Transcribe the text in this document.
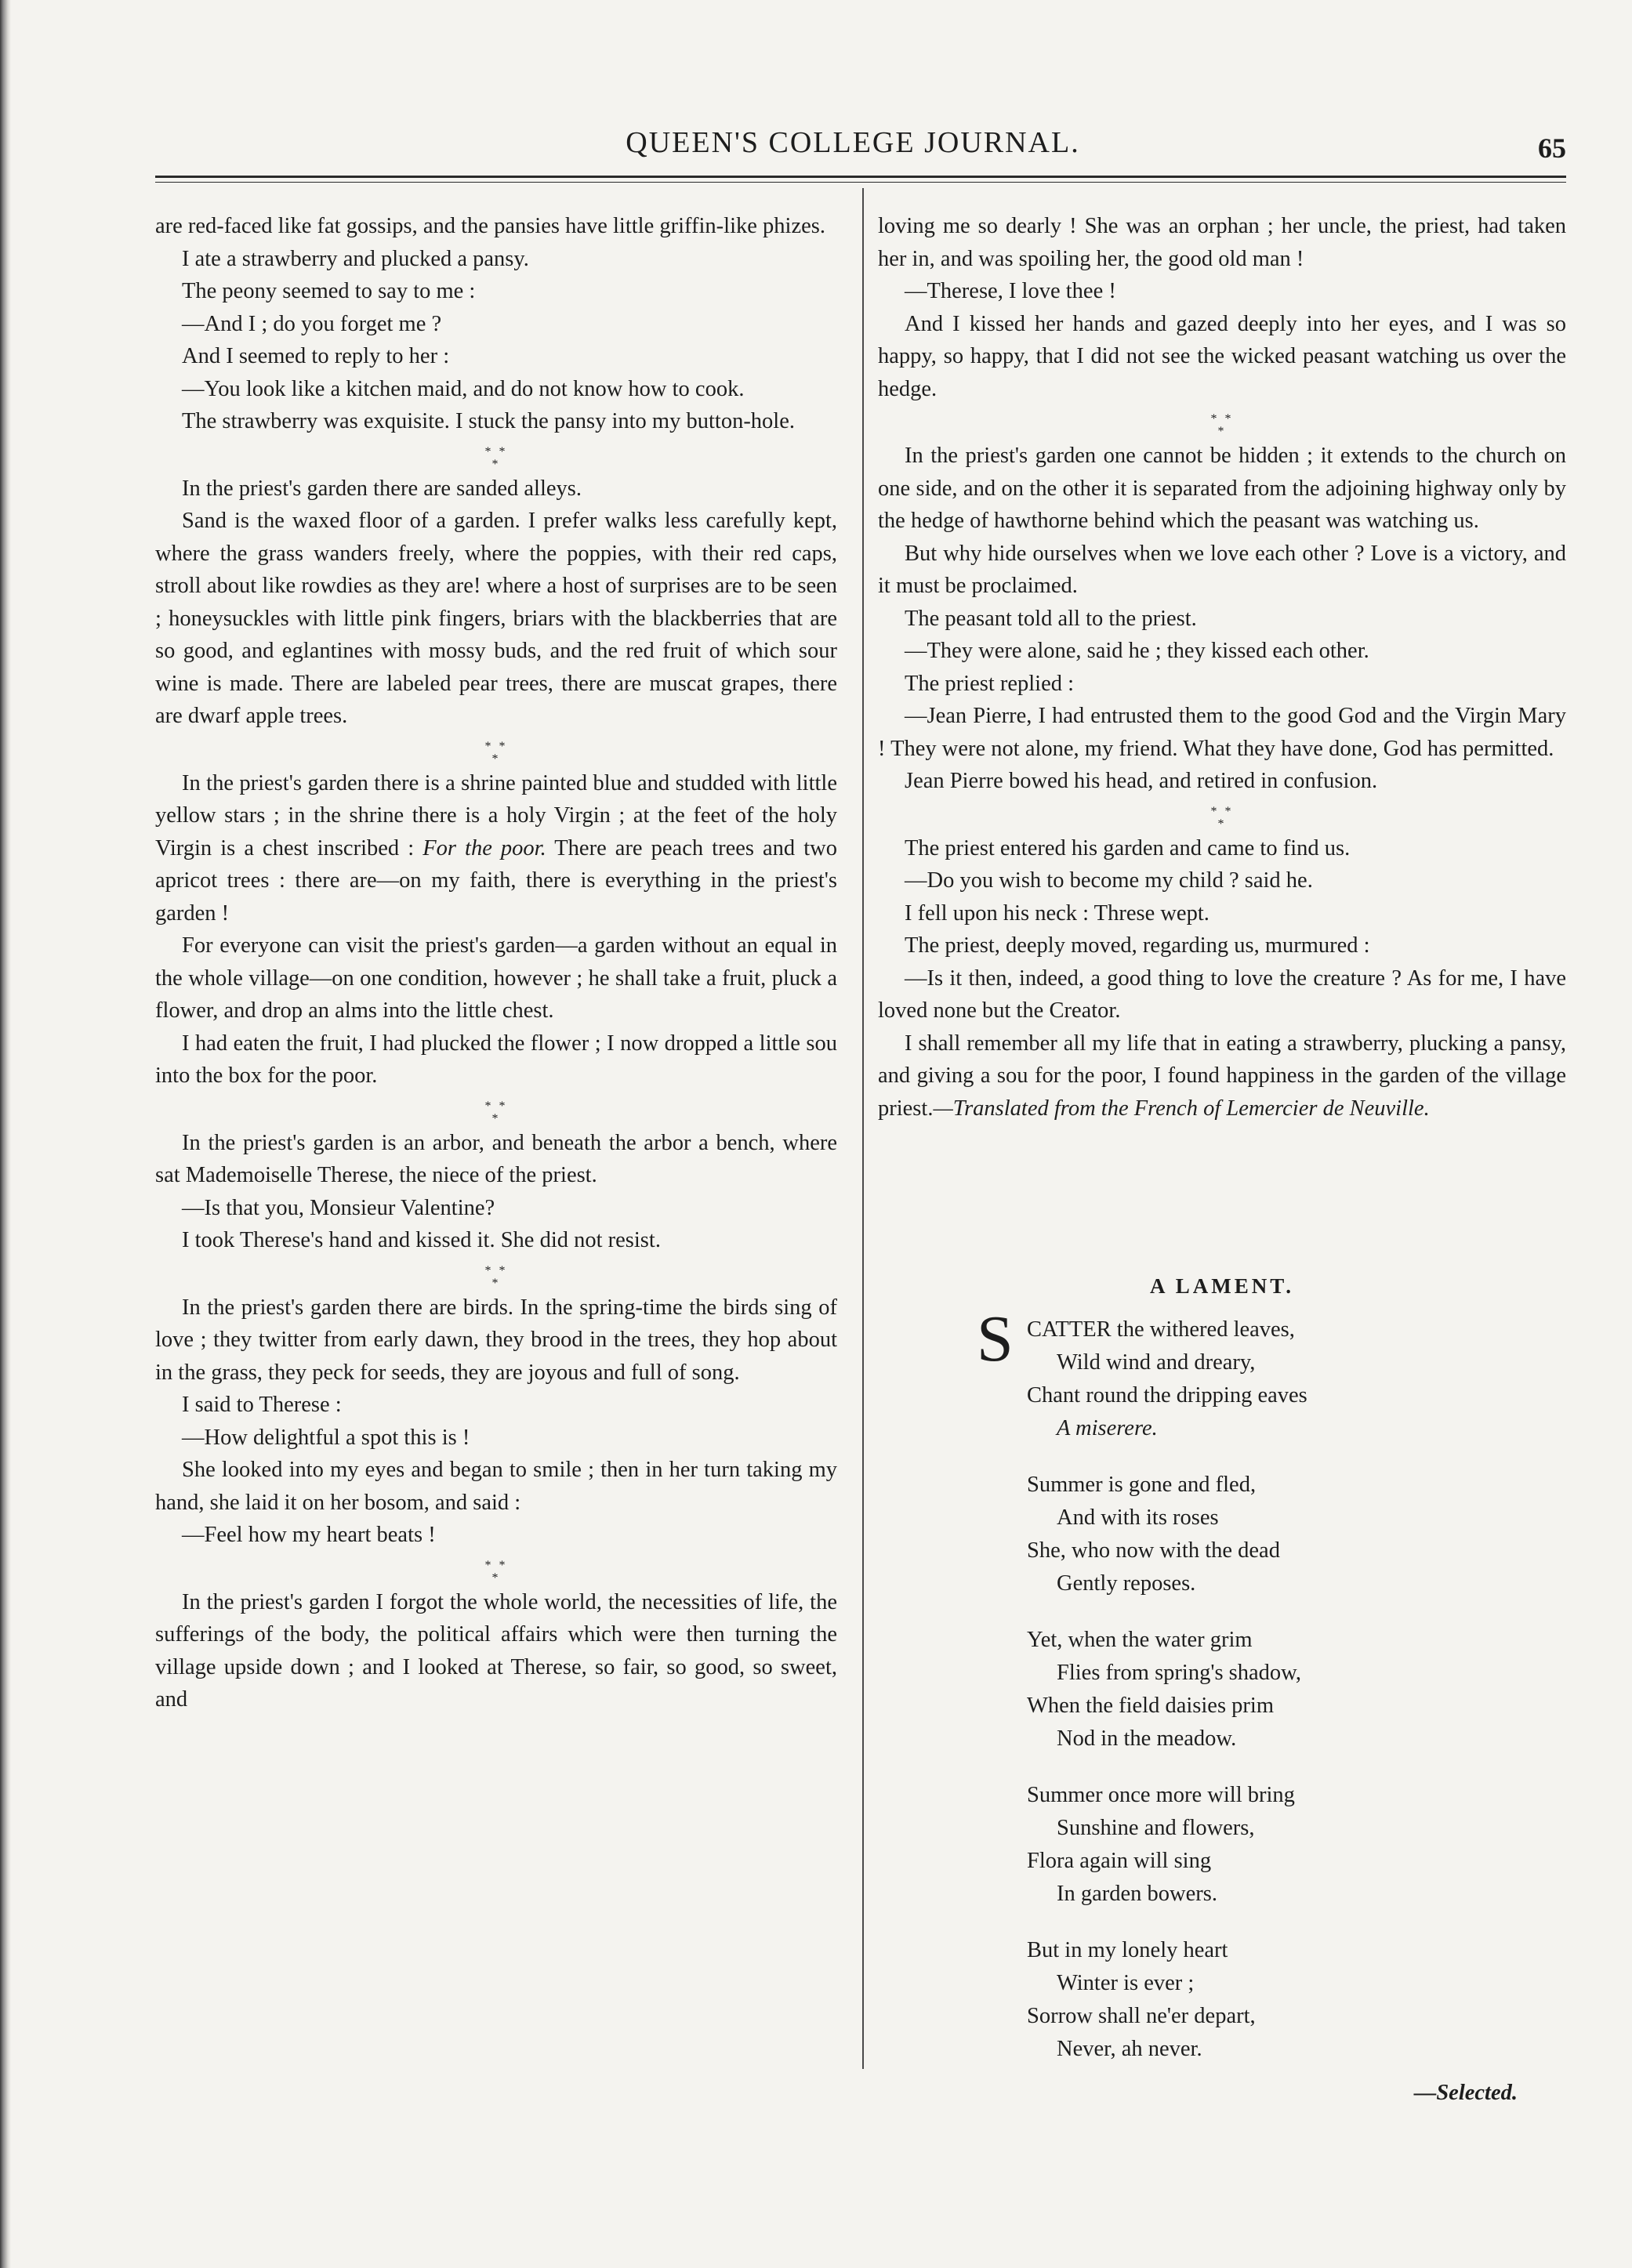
QUEEN'S COLLEGE JOURNAL.	65

are red-faced like fat gossips, and the pansies have little griffin-like phizes.

I ate a strawberry and plucked a pansy.

The peony seemed to say to me :

—And I ; do you forget me ?

And I seemed to reply to her :

—You look like a kitchen maid, and do not know how to cook.

The strawberry was exquisite. I stuck the pansy into my button-hole.

* *
*

In the priest's garden there are sanded alleys.

Sand is the waxed floor of a garden. I prefer walks less carefully kept, where the grass wanders freely, where the poppies, with their red caps, stroll about like rowdies as they are! where a host of surprises are to be seen ; honeysuckles with little pink fingers, briars with the blackberries that are so good, and eglantines with mossy buds, and the red fruit of which sour wine is made. There are labeled pear trees, there are muscat grapes, there are dwarf apple trees.

* *
*

In the priest's garden there is a shrine painted blue and studded with little yellow stars ; in the shrine there is a holy Virgin ; at the feet of the holy Virgin is a chest inscribed : For the poor. There are peach trees and two apricot trees : there are—on my faith, there is everything in the priest's garden !

For everyone can visit the priest's garden—a garden without an equal in the whole village—on one condition, however ; he shall take a fruit, pluck a flower, and drop an alms into the little chest.

I had eaten the fruit, I had plucked the flower ; I now dropped a little sou into the box for the poor.

* *
*

In the priest's garden is an arbor, and beneath the arbor a bench, where sat Mademoiselle Therese, the niece of the priest.

—Is that you, Monsieur Valentine?

I took Therese's hand and kissed it. She did not resist.

* *
*

In the priest's garden there are birds. In the spring-time the birds sing of love ; they twitter from early dawn, they brood in the trees, they hop about in the grass, they peck for seeds, they are joyous and full of song.

I said to Therese :

—How delightful a spot this is !

She looked into my eyes and began to smile ; then in her turn taking my hand, she laid it on her bosom, and said :

—Feel how my heart beats !

* *
*

In the priest's garden I forgot the whole world, the necessities of life, the sufferings of the body, the political affairs which were then turning the village upside down ; and I looked at Therese, so fair, so good, so sweet, and

loving me so dearly ! She was an orphan ; her uncle, the priest, had taken her in, and was spoiling her, the good old man !

—Therese, I love thee !

And I kissed her hands and gazed deeply into her eyes, and I was so happy, so happy, that I did not see the wicked peasant watching us over the hedge.

* *
*

In the priest's garden one cannot be hidden ; it extends to the church on one side, and on the other it is separated from the adjoining highway only by the hedge of hawthorne behind which the peasant was watching us.

But why hide ourselves when we love each other ? Love is a victory, and it must be proclaimed.

The peasant told all to the priest.

—They were alone, said he ; they kissed each other.

The priest replied :

—Jean Pierre, I had entrusted them to the good God and the Virgin Mary ! They were not alone, my friend. What they have done, God has permitted.

Jean Pierre bowed his head, and retired in confusion.

* *
*

The priest entered his garden and came to find us.

—Do you wish to become my child ? said he.

I fell upon his neck : Threse wept.

The priest, deeply moved, regarding us, murmured :

—Is it then, indeed, a good thing to love the creature ? As for me, I have loved none but the Creator.

I shall remember all my life that in eating a strawberry, plucking a pansy, and giving a sou for the poor, I found happiness in the garden of the village priest.—Translated from the French of Lemercier de Neuville.

A LAMENT.
S CATTER the withered leaves,
Wild wind and dreary,
Chant round the dripping eaves
A miserere.
Summer is gone and fled,
And with its roses
She, who now with the dead
Gently reposes.
Yet, when the water grim
Flies from spring's shadow,
When the field daisies prim
Nod in the meadow.
Summer once more will bring
Sunshine and flowers,
Flora again will sing
In garden bowers.
But in my lonely heart
Winter is ever ;
Sorrow shall ne'er depart,
Never, ah never.
—Selected.
